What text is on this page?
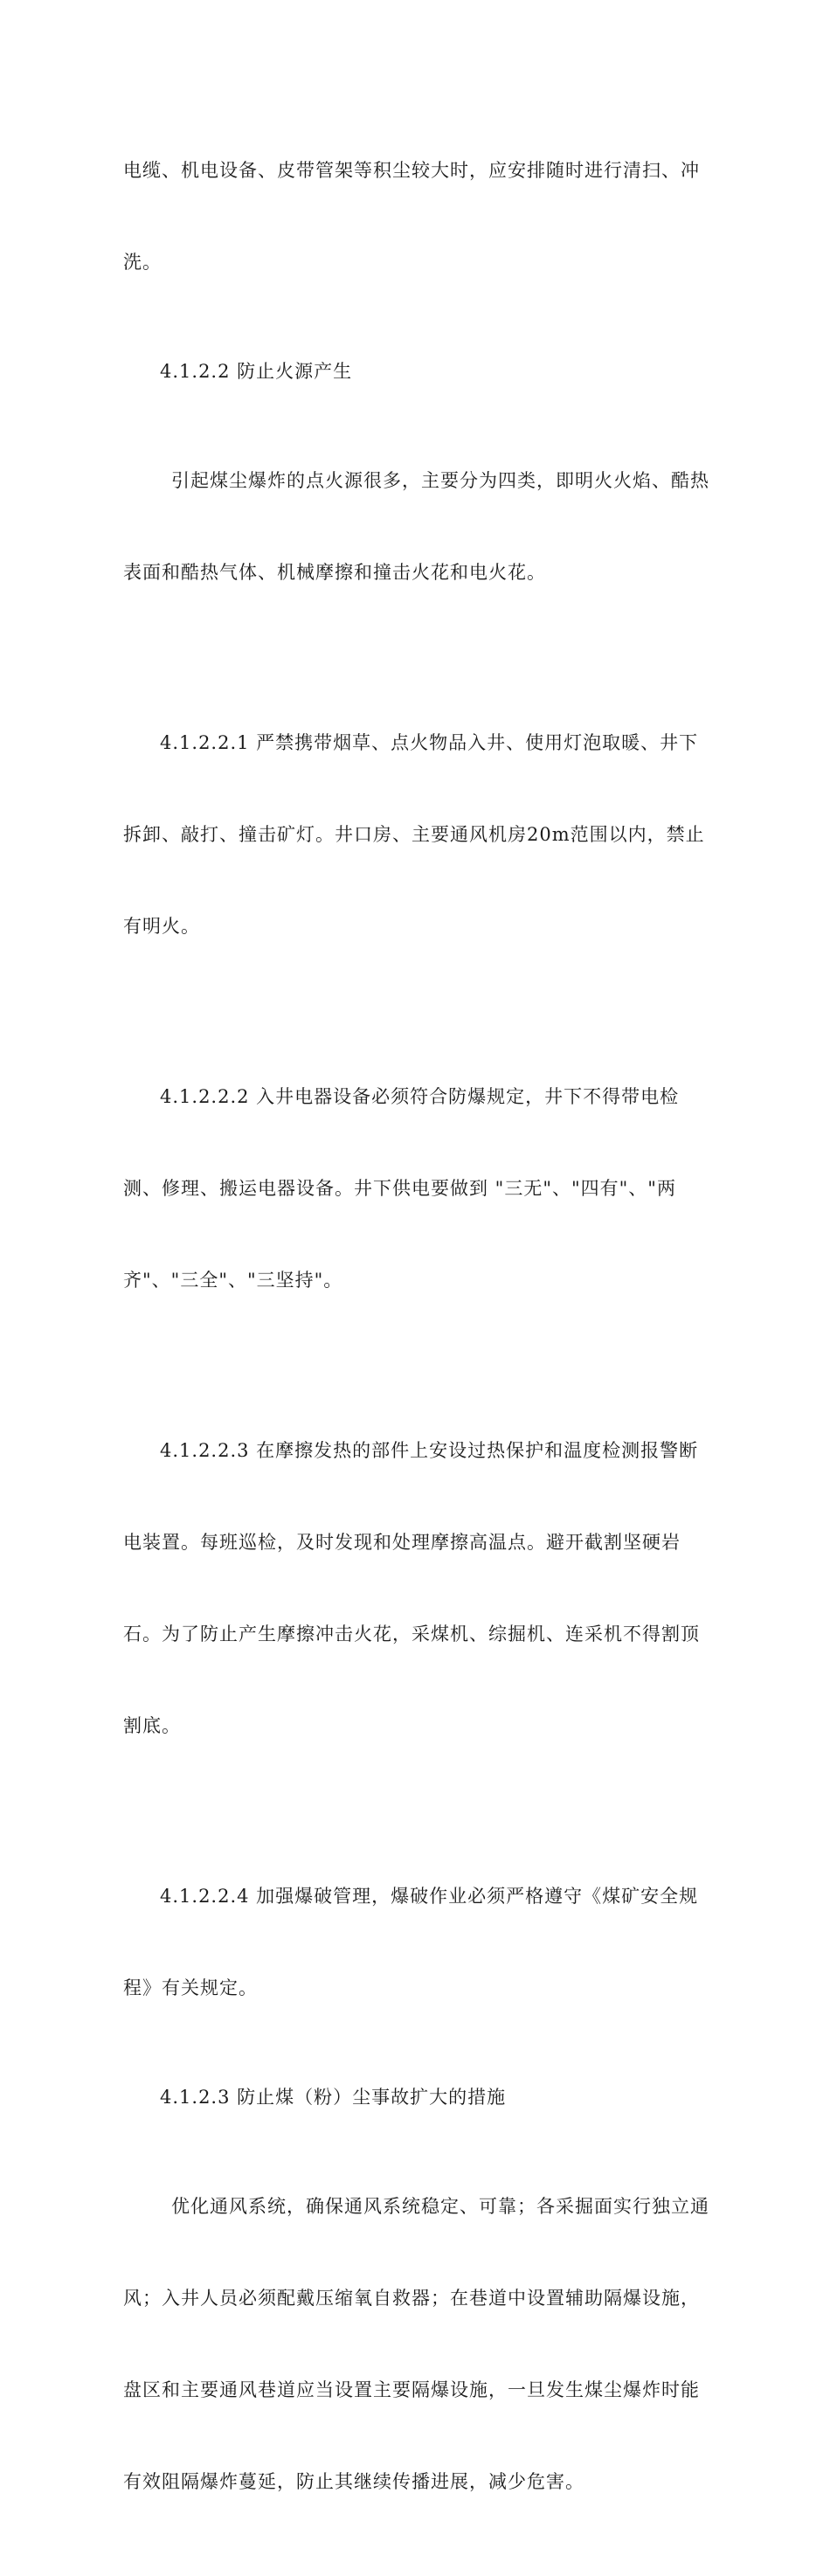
电缆、机电设备、皮带管架等积尘较大时，应安排随时进行清扫、冲

洗。

4.1.2.2 防止火源产生

引起煤尘爆炸的点火源很多，主要分为四类，即明火火焰、酷热

表面和酷热气体、机械摩擦和撞击火花和电火花。

4.1.2.2.1 严禁携带烟草、点火物品入井、使用灯泡取暖、井下

拆卸、敲打、撞击矿灯。井口房、主要通风机房20m范围以内，禁止

有明火。

4.1.2.2.2 入井电器设备必须符合防爆规定，井下不得带电检

测、修理、搬运电器设备。井下供电要做到 "三无"、"四有"、"两

齐"、"三全"、"三坚持"。

4.1.2.2.3 在摩擦发热的部件上安设过热保护和温度检测报警断

电装置。每班巡检，及时发现和处理摩擦高温点。避开截割坚硬岩

石。为了防止产生摩擦冲击火花，采煤机、综掘机、连采机不得割顶

割底。

4.1.2.2.4 加强爆破管理，爆破作业必须严格遵守《煤矿安全规

程》有关规定。

4.1.2.3 防止煤（粉）尘事故扩大的措施

优化通风系统，确保通风系统稳定、可靠；各采掘面实行独立通

风；入井人员必须配戴压缩氧自救器；在巷道中设置辅助隔爆设施，

盘区和主要通风巷道应当设置主要隔爆设施，一旦发生煤尘爆炸时能

有效阻隔爆炸蔓延，防止其继续传播进展，减少危害。
